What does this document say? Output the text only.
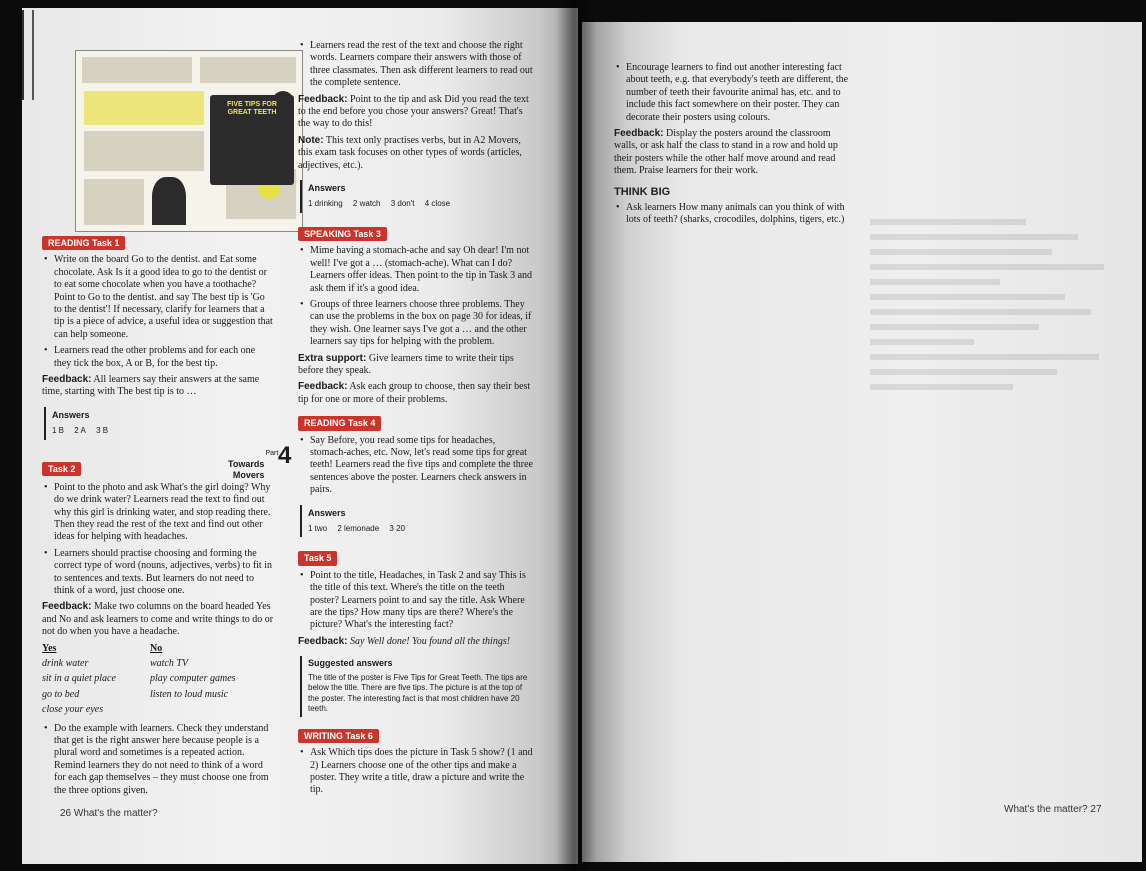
FIVE TIPS FOR GREAT TEETH
READING Task 1
• Write on the board Go to the dentist. and Eat some chocolate. Ask Is it a good idea to go to the dentist or to eat some chocolate when you have a toothache? Point to Go to the dentist. and say The best tip is 'Go to the dentist'! If necessary, clarify for learners that a tip is a piece of advice, a useful idea or suggestion that can help someone.
• Learners read the other problems and for each one they tick the box, A or B, for the best tip.
Feedback: All learners say their answers at the same time, starting with The best tip is to …
Answers
1 B 2 A 3 B
Task 2
Part
Towards
Movers
4
• Point to the photo and ask What's the girl doing? Why do we drink water? Learners read the text to find out why this girl is drinking water, and stop reading there. Then they read the rest of the text and find out other ideas for helping with headaches.
• Learners should practise choosing and forming the correct type of word (nouns, adjectives, verbs) to fit in to sentences and texts. But learners do not need to think of a word, just choose one.
Feedback: Make two columns on the board headed Yes and No and ask learners to come and write things to do or not do when you have a headache.
Yes	No
drink water	watch TV
sit in a quiet place	play computer games
go to bed	listen to loud music
close your eyes
• Do the example with learners. Check they understand that get is the right answer here because people is a plural word and sometimes is a repeated action. Remind learners they do not need to think of a word for each gap themselves – they must choose one from the three options given.
• Learners read the rest of the text and choose the right words. Learners compare their answers with those of three classmates. Then ask different learners to read out the complete sentence.
Feedback: Point to the tip and ask Did you read the text to the end before you chose your answers? Great! That's the way to do this!
Note: This text only practises verbs, but in A2 Movers, this exam task focuses on other types of words (articles, adjectives, etc.).
Answers
1 drinking 2 watch 3 don't 4 close
SPEAKING Task 3
• Mime having a stomach-ache and say Oh dear! I'm not well! I've got a … (stomach-ache). What can I do? Learners offer ideas. Then point to the tip in Task 3 and ask them if it's a good idea.
• Groups of three learners choose three problems. They can use the problems in the box on page 30 for ideas, if they wish. One learner says I've got a … and the other learners say tips for helping with the problem.
Extra support: Give learners time to write their tips before they speak.
Feedback: Ask each group to choose, then say their best tip for one or more of their problems.
READING Task 4
• Say Before, you read some tips for headaches, stomach-aches, etc. Now, let's read some tips for great teeth! Learners read the five tips and complete the three sentences above the poster. Learners check answers in pairs.
Answers
1 two 2 lemonade 3 20
Task 5
• Point to the title, Headaches, in Task 2 and say This is the title of this text. Where's the title on the teeth poster? Learners point to and say the title. Ask Where are the tips? How many tips are there? Where's the picture? What's the interesting fact?
Feedback: Say Well done! You found all the things!
Suggested answers
The title of the poster is Five Tips for Great Teeth. The tips are below the title. There are five tips. The picture is at the top of the poster. The interesting fact is that most children have 20 teeth.
WRITING Task 6
• Ask Which tips does the picture in Task 5 show? (1 and 2) Learners choose one of the other tips and make a poster. They write a title, draw a picture and write the tip.
• Encourage learners to find out another interesting fact about teeth, e.g. that everybody's teeth are different, the number of teeth their favourite animal has, etc. and to include this fact somewhere on their poster. They can decorate their posters using colours.
Feedback: Display the posters around the classroom walls, or ask half the class to stand in a row and hold up their posters while the other half move around and read them. Praise learners for their work.
THINK BIG
• Ask learners How many animals can you think of with lots of teeth? (sharks, crocodiles, dolphins, tigers, etc.)
26 What's the matter?	What's the matter? 27
